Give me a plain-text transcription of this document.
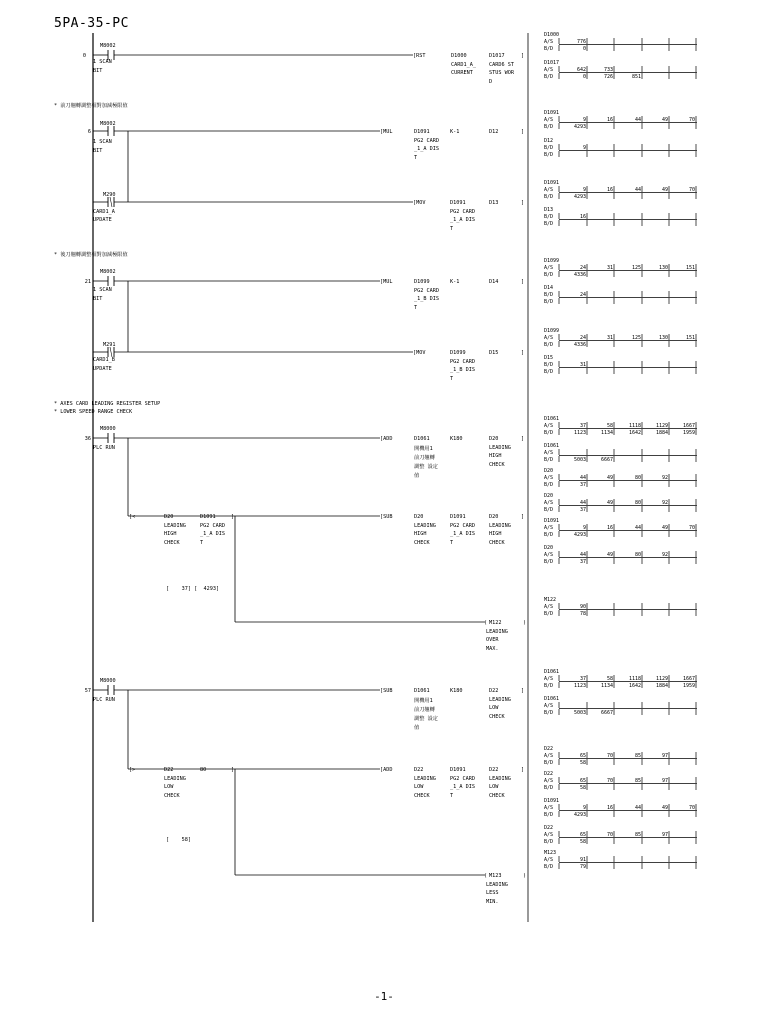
5PA-35-PC
0
M8002
1 SCAN
BIT
[RST	D1000
CARD1_A_
CURRENT
D1017
CARD6 ST
STUS WOR
D
]
* 前刀翹轉調整相對加減極限值
6
M8002
1 SCAN
BIT
[MUL	D1091
PG2 CARD
_1_A DIS
T
K-1	D12	]
M290
CARD1_A
UPDATE
[MOV	D1091
PG2 CARD
_1_A DIS
T
D13	]
* 後刀翹轉調整相對加減極限值
21
M8002
1 SCAN
BIT
[MUL	D1099
PG2 CARD
_1_B DIS
T
K-1	D14	]
M291
CARD1_B
UPDATE
[MOV	D1099
PG2 CARD
_1_B DIS
T
D15	]
* AXES CARD LEADING REGISTER SETUP
* LOWER SPEED RANGE CHECK
36
M8000
PLC RUN
[ADD	D1061
開機用1
前刀翹轉
調整 設定
值
K180	D20
LEADING
HIGH
CHECK
]
[<	D20
LEADING
HIGH
CHECK
D1091
PG2 CARD
_1_A DIS
T
]	[SUB	D20
LEADING
HIGH
CHECK
D1091
PG2 CARD
_1_A DIS
T
D20
LEADING
HIGH
CHECK
]
[    37] [  4293]
( M122
LEADING
OVER
MAX.
)
57
M8000
PLC RUN
[SUB	D1061
開機用1
前刀翹轉
調整 設定
值
K180	D22
LEADING
LOW
CHECK
]
[>	D22
LEADING
LOW
CHECK
80	]	[ADD	D22
LEADING
LOW
CHECK
D1091
PG2 CARD
_1_A DIS
T
D22
LEADING
LOW
CHECK
]
[    58]
( M123
LEADING
LESS
MIN.
)
D1000
A/S	776
B/D	0
D1017
A/S	642	733
B/D	0	726	851
D1091
A/S	9	16	44	49	70
B/D	4293
D12
B/D	9
B/D
D1091
A/S	9	16	44	49	70
B/D	4293
D13
B/D	16
B/D
D1099
A/S	24	31	125	130	151
B/D	4336
D14
B/D	24
B/D
D1099
A/S	24	31	125	130	151
B/D	4336
D15
B/D	31
B/D
D1061
A/S	37	58	1118	1129	1667
B/D	1123	1134	1642	1884	1959
D1061
A/S
B/D	5003	6667
D20
A/S	44	49	80	92
B/D	37
D20
A/S	44	49	80	92
B/D	37
D1091
A/S	9	16	44	49	70
B/D	4293
D20
A/S	44	49	80	92
B/D	37
M122
A/S	90
B/D	78
D1061
A/S	37	58	1118	1129	1667
B/D	1123	1134	1642	1884	1959
D1061
A/S
B/D	5003	6667
D22
A/S	65	70	85	97
B/D	58
D22
A/S	65	70	85	97
B/D	58
D1091
A/S	9	16	44	49	70
B/D	4293
D22
A/S	65	70	85	97
B/D	58
M123
A/S	91
B/D	79
-1-
